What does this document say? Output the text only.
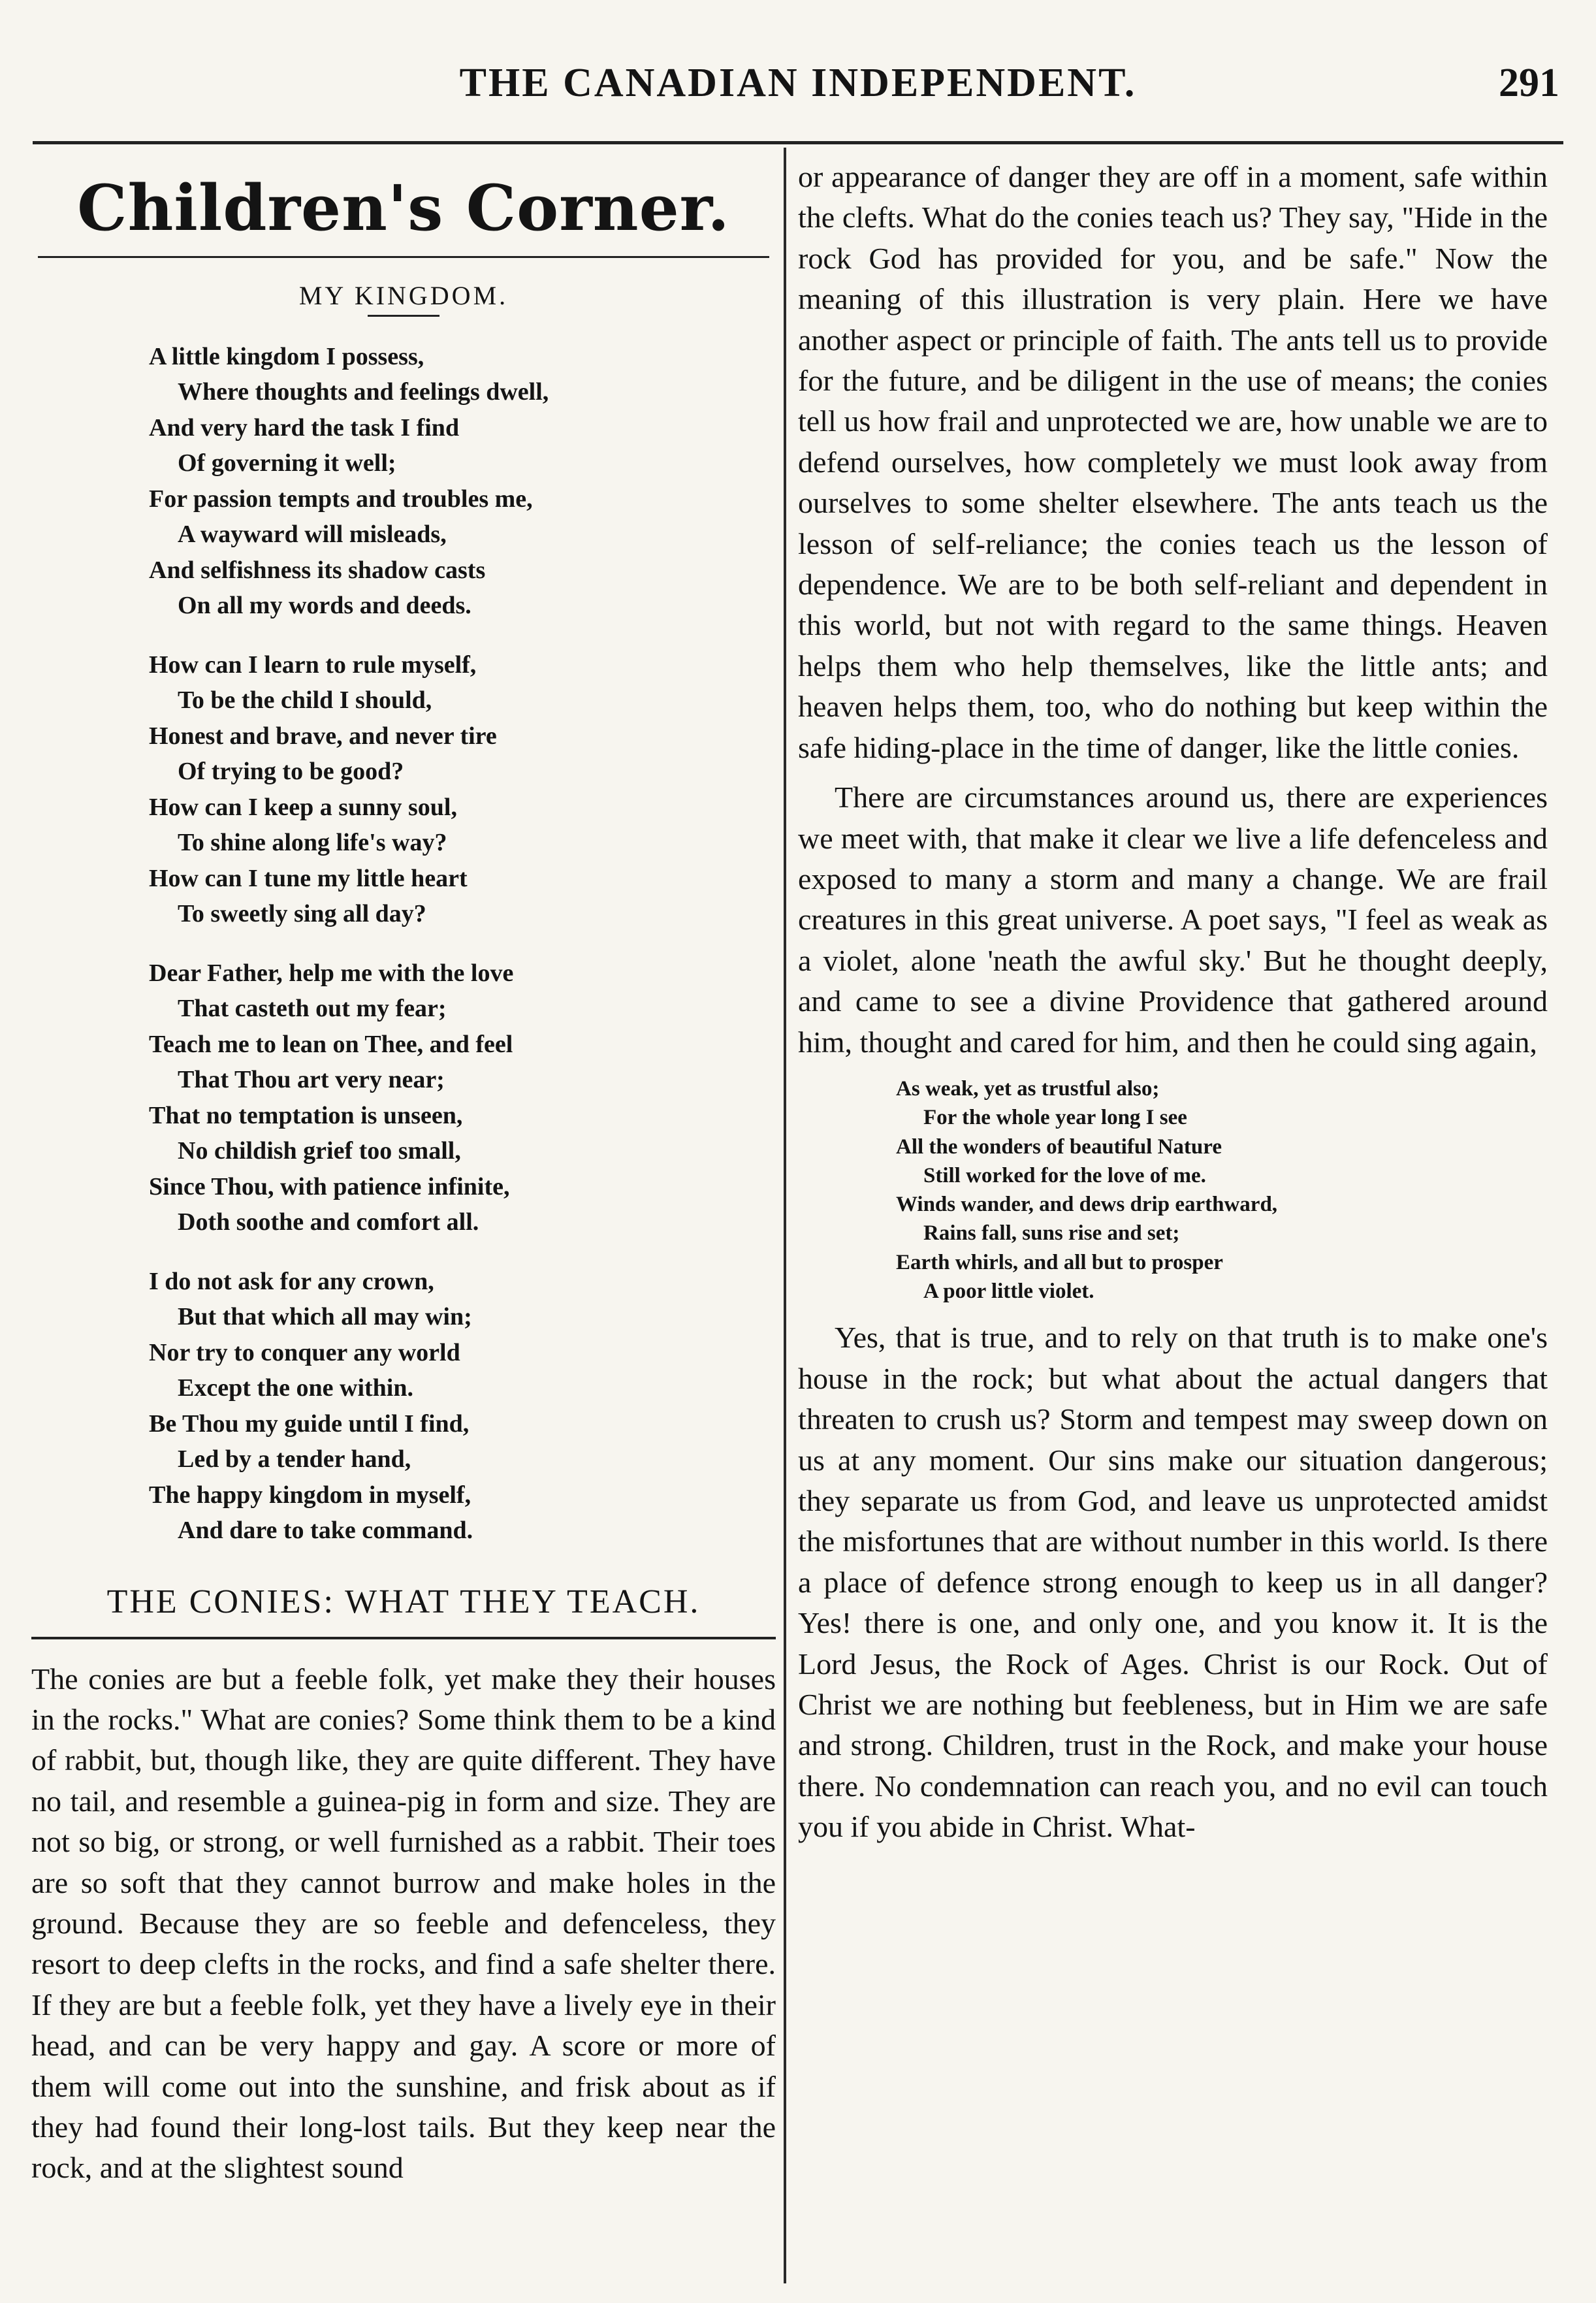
THE CANADIAN INDEPENDENT.	291
Children's Corner.
MY KINGDOM.
A little kingdom I possess,
Where thoughts and feelings dwell,
And very hard the task I find
Of governing it well;
For passion tempts and troubles me,
A wayward will misleads,
And selfishness its shadow casts
On all my words and deeds.
How can I learn to rule myself,
To be the child I should,
Honest and brave, and never tire
Of trying to be good?
How can I keep a sunny soul,
To shine along life's way?
How can I tune my little heart
To sweetly sing all day?
Dear Father, help me with the love
That casteth out my fear;
Teach me to lean on Thee, and feel
That Thou art very near;
That no temptation is unseen,
No childish grief too small,
Since Thou, with patience infinite,
Doth soothe and comfort all.
I do not ask for any crown,
But that which all may win;
Nor try to conquer any world
Except the one within.
Be Thou my guide until I find,
Led by a tender hand,
The happy kingdom in myself,
And dare to take command.
THE CONIES: WHAT THEY TEACH.

The conies are but a feeble folk, yet make they their houses in the rocks." What are conies? Some think them to be a kind of rabbit, but, though like, they are quite different. They have no tail, and resemble a guinea-pig in form and size. They are not so big, or strong, or well furnished as a rabbit. Their toes are so soft that they cannot burrow and make holes in the ground. Because they are so feeble and defenceless, they resort to deep clefts in the rocks, and find a safe shelter there. If they are but a feeble folk, yet they have a lively eye in their head, and can be very happy and gay. A score or more of them will come out into the sunshine, and frisk about as if they had found their long-lost tails. But they keep near the rock, and at the slightest sound

or appearance of danger they are off in a moment, safe within the clefts. What do the conies teach us? They say, "Hide in the rock God has provided for you, and be safe." Now the meaning of this illustration is very plain. Here we have another aspect or principle of faith. The ants tell us to provide for the future, and be diligent in the use of means; the conies tell us how frail and unprotected we are, how unable we are to defend ourselves, how completely we must look away from ourselves to some shelter elsewhere. The ants teach us the lesson of self-reliance; the conies teach us the lesson of dependence. We are to be both self-reliant and dependent in this world, but not with regard to the same things. Heaven helps them who help themselves, like the little ants; and heaven helps them, too, who do nothing but keep within the safe hiding-place in the time of danger, like the little conies.

There are circumstances around us, there are experiences we meet with, that make it clear we live a life defenceless and exposed to many a storm and many a change. We are frail creatures in this great universe. A poet says, "I feel as weak as a violet, alone 'neath the awful sky.' But he thought deeply, and came to see a divine Providence that gathered around him, thought and cared for him, and then he could sing again,

As weak, yet as trustful also;
For the whole year long I see
All the wonders of beautiful Nature
Still worked for the love of me.
Winds wander, and dews drip earthward,
Rains fall, suns rise and set;
Earth whirls, and all but to prosper
A poor little violet.

Yes, that is true, and to rely on that truth is to make one's house in the rock; but what about the actual dangers that threaten to crush us? Storm and tempest may sweep down on us at any moment. Our sins make our situation dangerous; they separate us from God, and leave us unprotected amidst the misfortunes that are without number in this world. Is there a place of defence strong enough to keep us in all danger? Yes! there is one, and only one, and you know it. It is the Lord Jesus, the Rock of Ages. Christ is our Rock. Out of Christ we are nothing but feebleness, but in Him we are safe and strong. Children, trust in the Rock, and make your house there. No condemnation can reach you, and no evil can touch you if you abide in Christ. What-
